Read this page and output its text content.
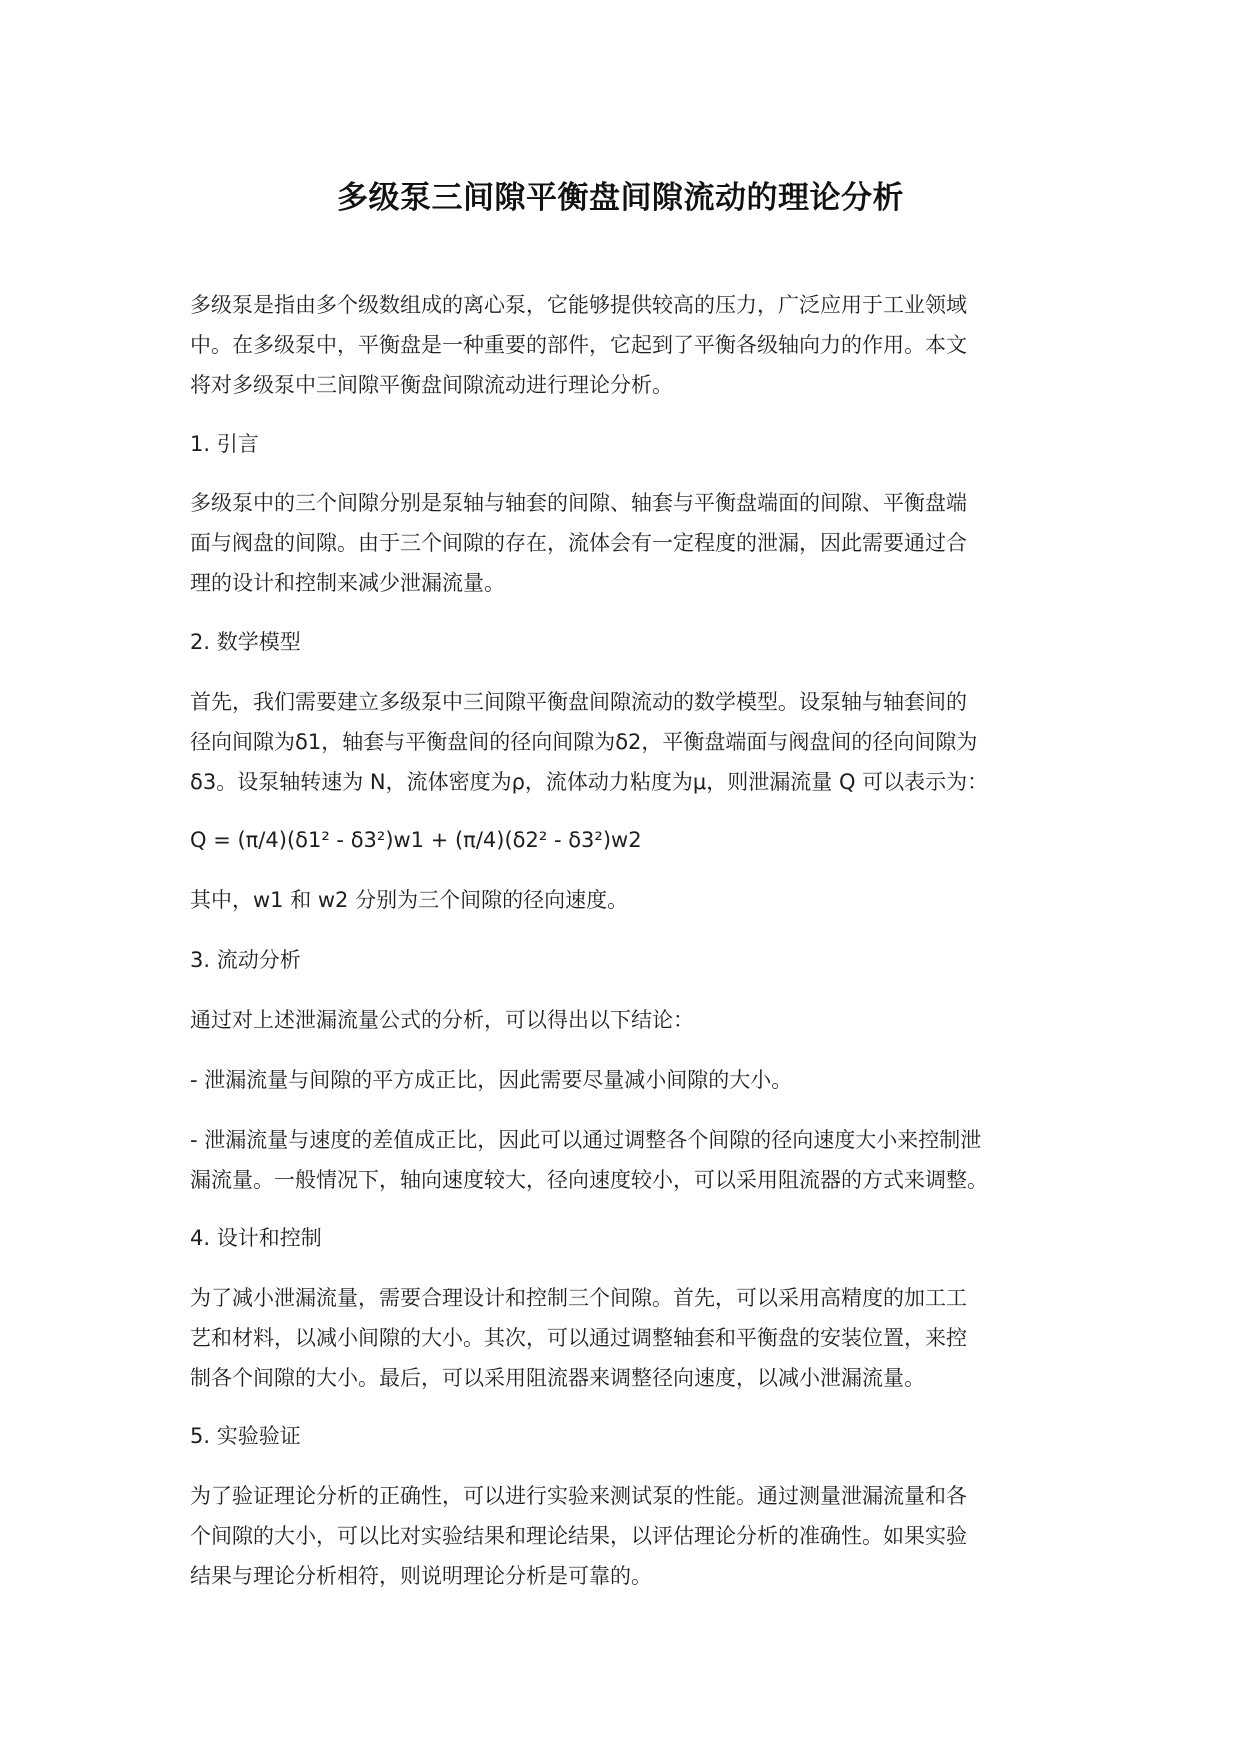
多级泵三间隙平衡盘间隙流动的理论分析
多级泵是指由多个级数组成的离心泵，它能够提供较高的压力，广泛应用于工业领域
中。在多级泵中，平衡盘是一种重要的部件，它起到了平衡各级轴向力的作用。本文
将对多级泵中三间隙平衡盘间隙流动进行理论分析。
1. 引言
多级泵中的三个间隙分别是泵轴与轴套的间隙、轴套与平衡盘端面的间隙、平衡盘端
面与阀盘的间隙。由于三个间隙的存在，流体会有一定程度的泄漏，因此需要通过合
理的设计和控制来减少泄漏流量。
2. 数学模型
首先，我们需要建立多级泵中三间隙平衡盘间隙流动的数学模型。设泵轴与轴套间的
径向间隙为δ1，轴套与平衡盘间的径向间隙为δ2，平衡盘端面与阀盘间的径向间隙为
δ3。设泵轴转速为 N，流体密度为ρ，流体动力粘度为μ，则泄漏流量 Q 可以表示为：
Q = (π/4)(δ1² - δ3²)w1 + (π/4)(δ2² - δ3²)w2
其中，w1 和 w2 分别为三个间隙的径向速度。
3. 流动分析
通过对上述泄漏流量公式的分析，可以得出以下结论：
- 泄漏流量与间隙的平方成正比，因此需要尽量减小间隙的大小。
- 泄漏流量与速度的差值成正比，因此可以通过调整各个间隙的径向速度大小来控制泄
漏流量。一般情况下，轴向速度较大，径向速度较小，可以采用阻流器的方式来调整。
4. 设计和控制
为了减小泄漏流量，需要合理设计和控制三个间隙。首先，可以采用高精度的加工工
艺和材料，以减小间隙的大小。其次，可以通过调整轴套和平衡盘的安装位置，来控
制各个间隙的大小。最后，可以采用阻流器来调整径向速度，以减小泄漏流量。
5. 实验验证
为了验证理论分析的正确性，可以进行实验来测试泵的性能。通过测量泄漏流量和各
个间隙的大小，可以比对实验结果和理论结果，以评估理论分析的准确性。如果实验
结果与理论分析相符，则说明理论分析是可靠的。
